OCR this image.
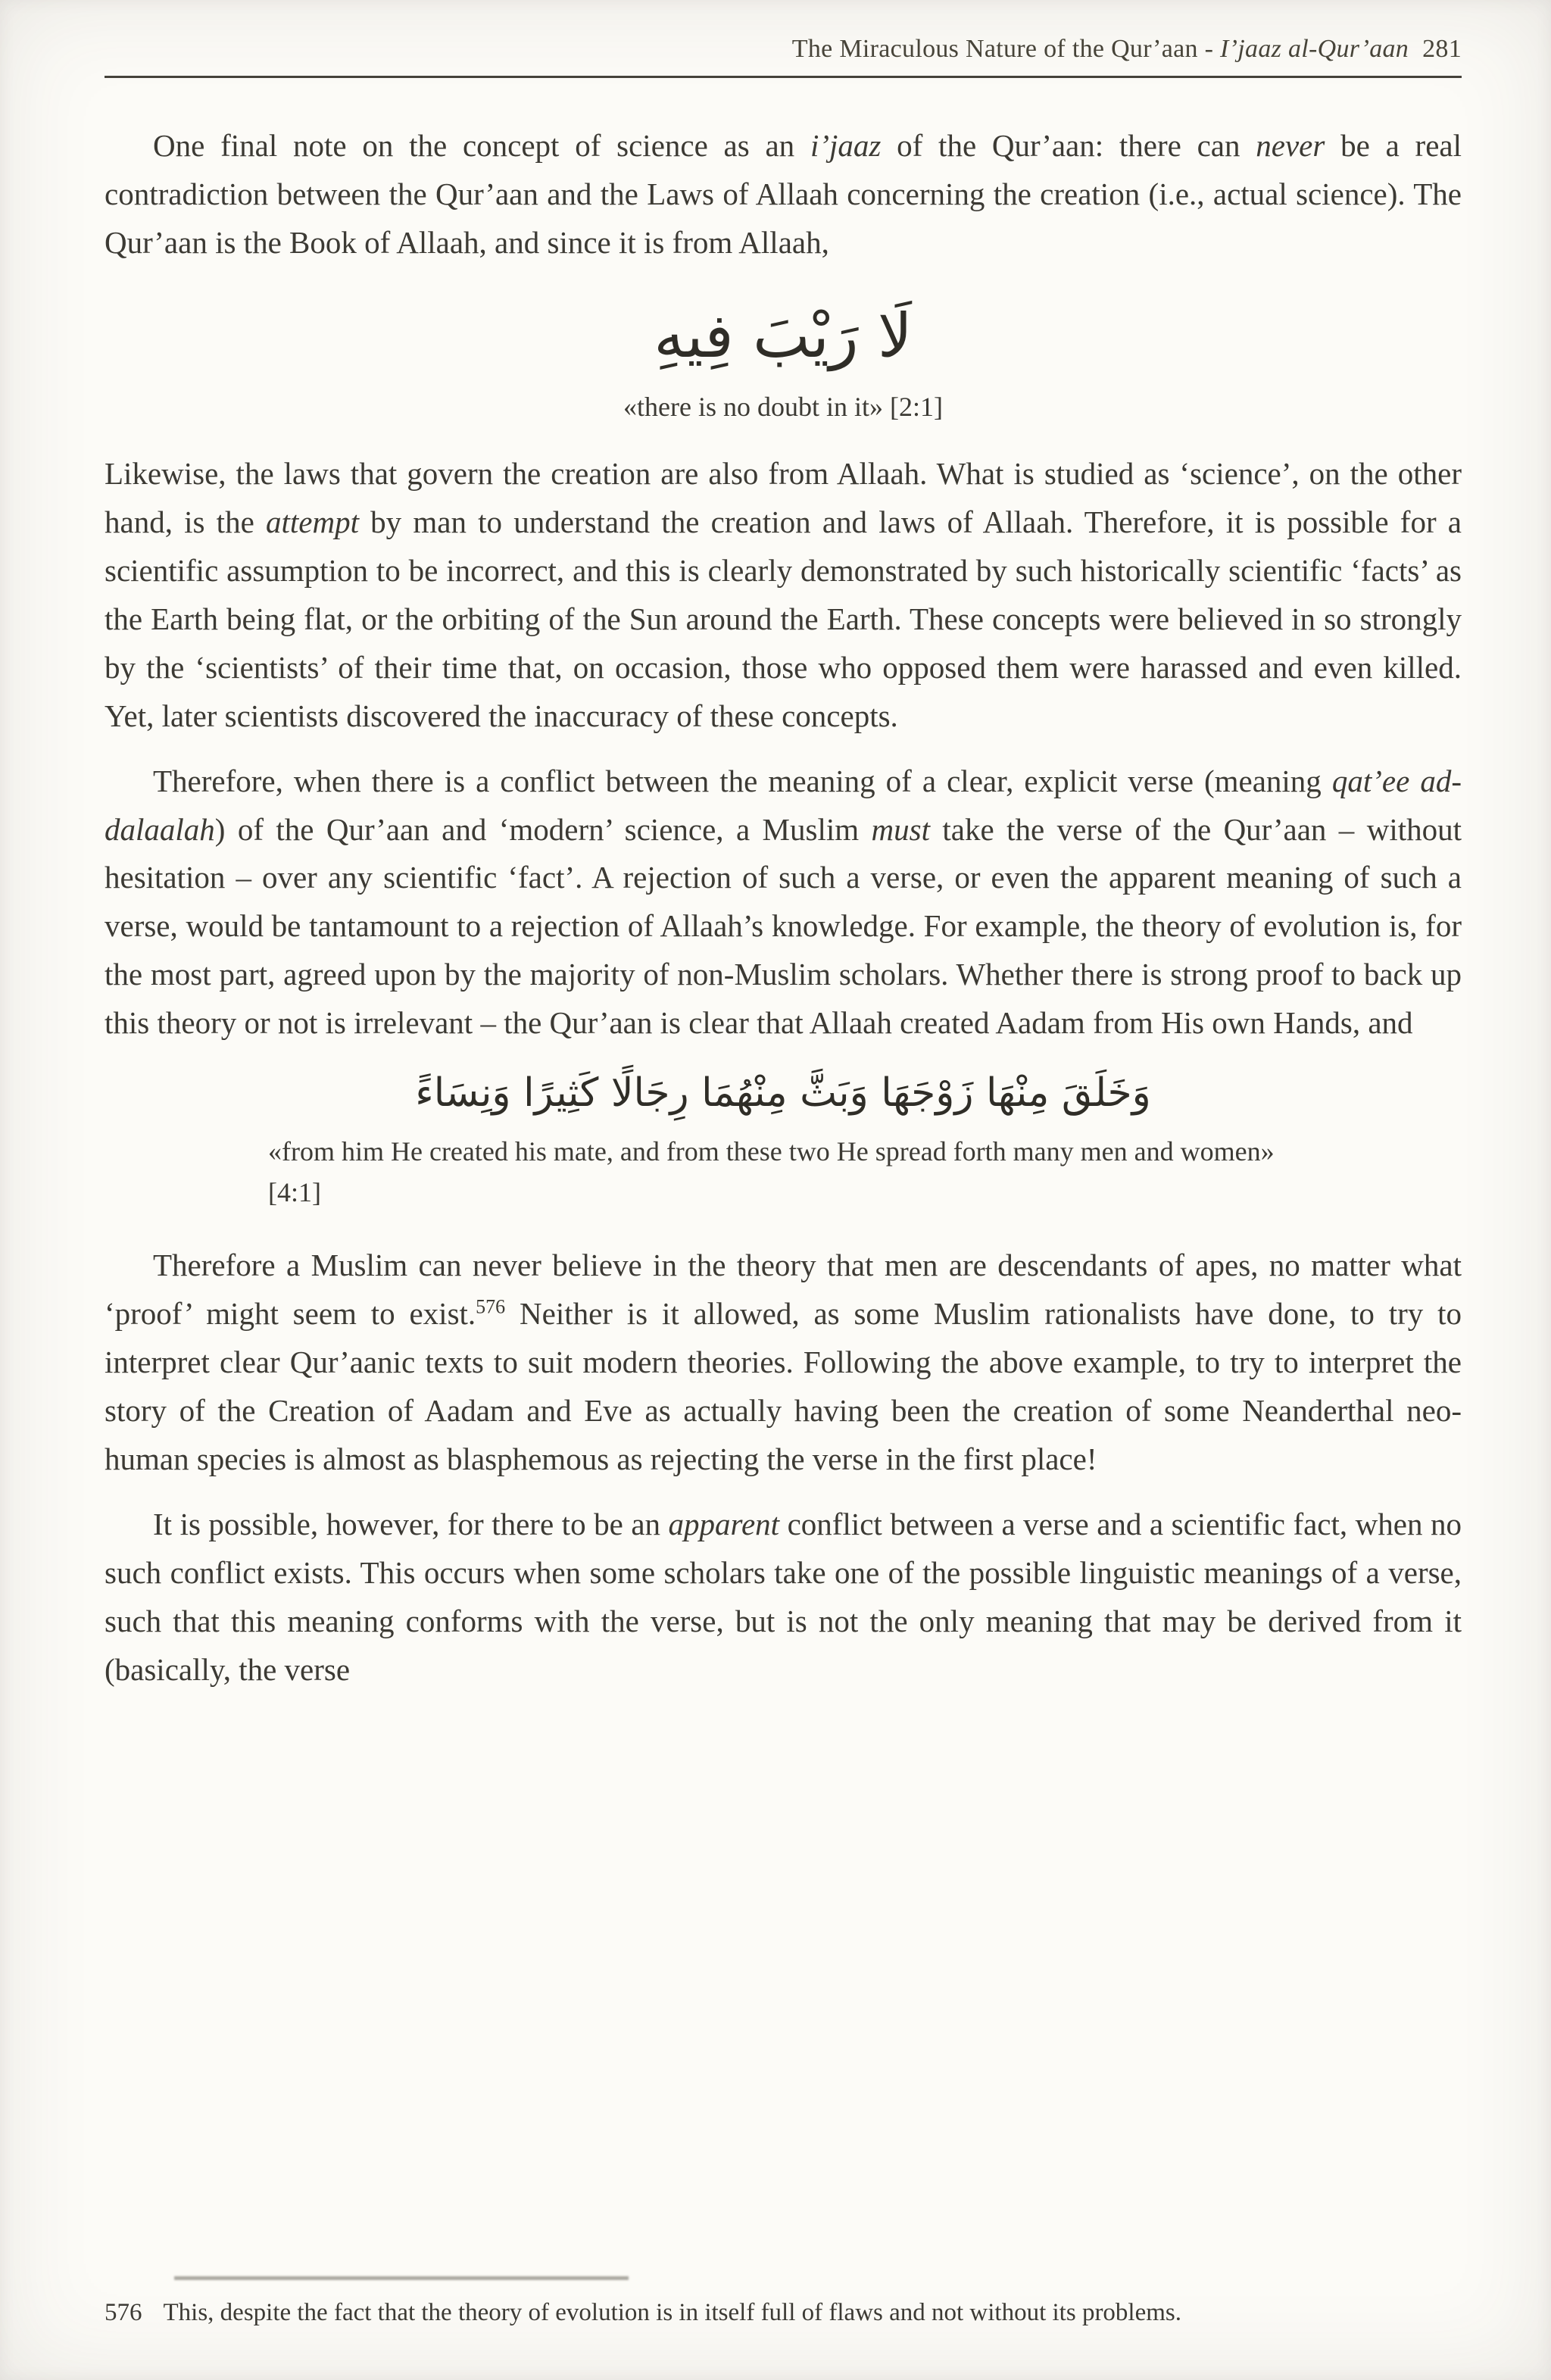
The Miraculous Nature of the Qur’aan - I’jaaz al-Qur’aan 281

One final note on the concept of science as an i’jaaz of the Qur’aan: there can never be a real contradiction between the Qur’aan and the Laws of Allaah concerning the creation (i.e., actual science). The Qur’aan is the Book of Allaah, and since it is from Allaah,

لَا رَيْبَ فِيهِ
«there is no doubt in it» [2:1]

Likewise, the laws that govern the creation are also from Allaah. What is studied as ‘science’, on the other hand, is the attempt by man to understand the creation and laws of Allaah. Therefore, it is possible for a scientific assumption to be incorrect, and this is clearly demonstrated by such historically scientific ‘facts’ as the Earth being flat, or the orbiting of the Sun around the Earth. These concepts were believed in so strongly by the ‘scientists’ of their time that, on occasion, those who opposed them were harassed and even killed. Yet, later scientists discovered the inaccuracy of these concepts.

Therefore, when there is a conflict between the meaning of a clear, explicit verse (meaning qat’ee ad-dalaalah) of the Qur’aan and ‘modern’ science, a Muslim must take the verse of the Qur’aan – without hesitation – over any scientific ‘fact’. A rejection of such a verse, or even the apparent meaning of such a verse, would be tantamount to a rejection of Allaah’s knowledge. For example, the theory of evolution is, for the most part, agreed upon by the majority of non-Muslim scholars. Whether there is strong proof to back up this theory or not is irrelevant – the Qur’aan is clear that Allaah created Aadam from His own Hands, and

وَخَلَقَ مِنْهَا زَوْجَهَا وَبَثَّ مِنْهُمَا رِجَالًا كَثِيرًا وَنِسَاءً
«from him He created his mate, and from these two He spread forth many men and women» [4:1]

Therefore a Muslim can never believe in the theory that men are descendants of apes, no matter what ‘proof’ might seem to exist.$^{576}$ Neither is it allowed, as some Muslim rationalists have done, to try to interpret clear Qur’aanic texts to suit modern theories. Following the above example, to try to interpret the story of the Creation of Aadam and Eve as actually having been the creation of some Neanderthal neo-human species is almost as blasphemous as rejecting the verse in the first place!

It is possible, however, for there to be an apparent conflict between a verse and a scientific fact, when no such conflict exists. This occurs when some scholars take one of the possible linguistic meanings of a verse, such that this meaning conforms with the verse, but is not the only meaning that may be derived from it (basically, the verse

576 This, despite the fact that the theory of evolution is in itself full of flaws and not without its problems.
